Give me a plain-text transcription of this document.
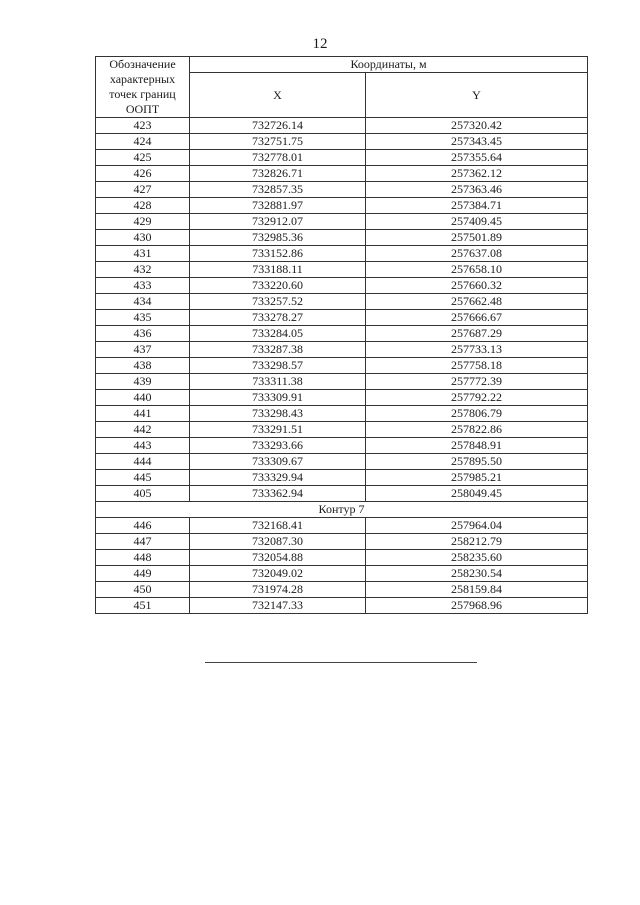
12
Обозначение характерных точек границ ООПТ	Координаты, м	
	X	Y
423	732726.14	257320.42
424	732751.75	257343.45
425	732778.01	257355.64
426	732826.71	257362.12
427	732857.35	257363.46
428	732881.97	257384.71
429	732912.07	257409.45
430	732985.36	257501.89
431	733152.86	257637.08
432	733188.11	257658.10
433	733220.60	257660.32
434	733257.52	257662.48
435	733278.27	257666.67
436	733284.05	257687.29
437	733287.38	257733.13
438	733298.57	257758.18
439	733311.38	257772.39
440	733309.91	257792.22
441	733298.43	257806.79
442	733291.51	257822.86
443	733293.66	257848.91
444	733309.67	257895.50
445	733329.94	257985.21
405	733362.94	258049.45
Контур 7		
446	732168.41	257964.04
447	732087.30	258212.79
448	732054.88	258235.60
449	732049.02	258230.54
450	731974.28	258159.84
451	732147.33	257968.96
